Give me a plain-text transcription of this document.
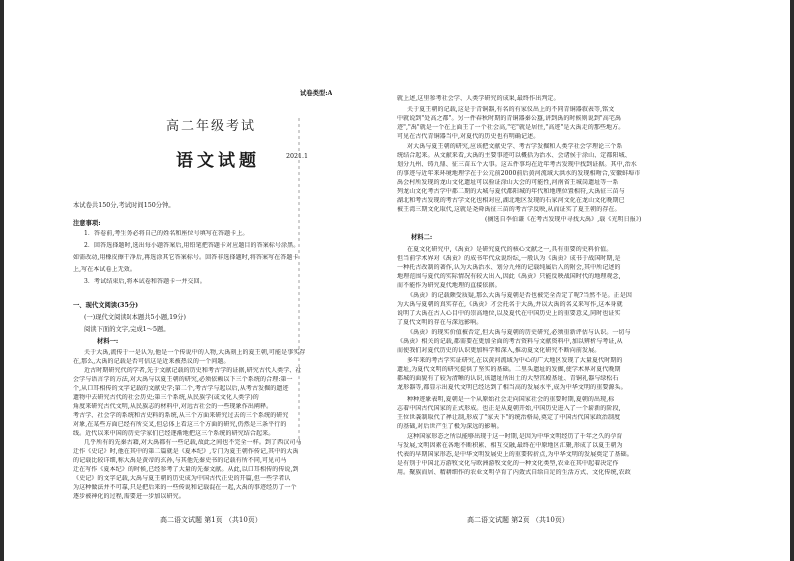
试卷类型:A
高二年级考试
语文试题	2021.1
本试卷共150分,考试时间150分钟。
注意事项:
1．答卷前,考生务必将自己的姓名和座位号填写在答题卡上。
2．回答选择题时,选出每小题答案后,用铅笔把答题卡对应题目的答案标号涂黑。
如需改动,用橡皮擦干净后,再选涂其它答案标号。回答非选择题时,将答案写在答题卡
上,写在本试卷上无效。
3．考试结束后,将本试卷和答题卡一并交回。
一、现代文阅读(35分)
(一)现代文阅读Ⅰ(本题共5小题,19分)
阅读下面的文字,完成1～5题。
材料一:
关于大禹,流传于一是认为,他是一个传说中的人物,大禹刻上的夏王朝,可能是事实存
在,那么,大禹的记载是否可信这是近来被热议的一个问题。
近古时期研究代的学者,先于文献记载的历史和考古学的证据,研究古代人类学、社
会学与语言学的方法,对大禹与以夏王朝的研究,必须依赖以下三个系统的合理:第一
个,从口耳相传的文字记载的文献史学;第二个,考古学与起以后,从考古发掘的遗迹
遗物中去研究古代的社会历史;第三个系统,从民族学(或文化人类学)的
角度来研究古代文明,从民族志的材料中,对远古社会的一些现象作出阐释。
考古学、社会学的系统和古史料的系统,从三个方面来研究过去的三个系统的研究
对象,在某些方面已经有所交叉,但总体上看这三个方面的研究,仍然是三条平行的
线。近代以来中国的历史学家们已经逐渐地把这三个系统的研究结合起来。
几乎所有的先秦古籍,对大禹都有一些记载,故此之间也不完全一样。到了西汉司马
迁作《史记》时,他在其中的第二篇就是《夏本纪》,专门为夏王朝作传记,其中的大禹
的记载比较详细,称大禹是黄帝的玄孙,与其他先秦史书的记载有所不同,可见司马
迁在写作《夏本纪》的时候,已经参考了大量的先秦文献。从此,以口耳相传的传说,到
《史记》的文字记载,大禹与夏王朝的历史成为中国古代正史的开篇,但一些学者认
为这种做法并不可靠,只是把后来的一些传说和记载混在一起,大禹的事迹经历了一个
逐步被神化的过程,需要进一步加以研究。
高二语文试题 第1页 （共10页）
就上述,这里参考社会学、人类学研究的成果,最终作出判定。
关于夏王朝的记载,这是于青铜器,有名的有家仪出上的不同青铜器叙表等,铭文
中就说到"处高之都"。另一件春秋时期的青铜器秦公簋,讲到禹的时候则说到"高宅禹
迹","禹"就是一个在上面王了一个社会高,"宅"就是居住,"高迹"是大禹走的那些地方。
可见在古代青铜器当中,对夏代的历史也有明确记述。
对大禹与夏王朝的研究,应该把文献史学、考古学发掘和人类学社会学理论三个系
统结合起来。从文献来看,大禹的主要事迹可以概括为治水、会诸侯于涂山、定都阳城、
划分九州、铸九鼎、征三苗五个大事。这五件事均在近年考古发现中找到证据。其中,治水
的事迹与近年来环境地理学在于公元前2000前后黄河流域大洪水的发现相吻合,安徽蚌埠市
禹会村所发现的龙山文化遗址可以验证涂山大会的可能性,河南省王城岗遗址等一系
列龙山文化考古学中都二期的大城与夏代都阳城的年代和地理位置相符,大禹征三苗与
湖北和考古发现的考古学文化也相对应,湖北地区发现的石家河文化在龙山文化晚期已
被王湾三期文化取代,这就是尧舜禹征三苗的考古学反映,从而证实了夏王朝的存在。
(摘选自李伯谦《在考古发现中寻找大禹》,载《光明日报》)
材料二:
在夏文化研究中,《禹贡》是研究夏代的核心文献之一,具有重要的史料价值。
但当前学术界对《禹贡》的成书年代众说纷纭,一般认为《禹贡》成书于战国时期,是
一种托古改制的著作,认为大禹治水、划分九州的记载纯属后人的附会,其中所记述的
地理范围与夏代的实际情况有较大出入,因此《禹贡》只能反映战国时代的地理观念,
而不能作为研究夏代地理的直接依据。
《禹贡》的记载颇受质疑,那么大禹与夏朝是否也被完全否定了呢?当然不是。正是因
为大禹与夏朝的真实存在,《禹贡》才会托名于大禹,并以大禹的名义来写作,这本身就
说明了大禹在古人心目中的崇高地位,以及夏代在中国历史上的重要意义,同时也证实
了夏代文明的存在与深远影响。
《禹贡》的现实价值被否定,但大禹与夏朝的历史研究,必须重新评估与认识。一切与
《禹贡》相关的记载,都需要在更加全面的考古资料与文献资料中,加以辨析与考证,从
而使我们对夏代历史的认识更加科学和深入,推动夏文化研究不断向前发展。
多年来的考古学实证研究,在以黄河流域为中心的广大地区发现了大量夏代时期的
遗址,为夏代文明的研究提供了坚实的基础。二里头遗址的发掘,使学术界对夏代晚期
都城的面貌有了较为清晰的认识,该遗址所出土的大型宫殿基址、青铜礼器与绿松石
龙形器等,都显示出夏代文明已经达到了相当高的发展水平,成为中华文明的重要源头。
种种迹象表明,夏朝是一个从原始社会走向国家社会的重要时期,夏朝的出现,标
志着中国古代国家的正式形成。也正是从夏朝开始,中国历史进入了一个崭新的阶段,
王位世袭制取代了禅让制,形成了"家天下"的统治格局,奠定了中国古代国家政治制度
的基础,对后世产生了极为深远的影响。
这种国家形态之所以能够出现于这一时期,是因为中华文明经历了千年之久的孕育
与发展,文明因素在各地不断积累、相互交融,最终在中原地区汇聚,形成了以夏王朝为
代表的早期国家形态,是中华文明发展史上的重要转折点,为中华文明的发展奠定了基础。
是有别于中国北方游牧文化与欧洲游牧文化的一种文化类型,农业在其中起着决定作
用。聚族而居、精耕细作的农业文明孕育了内敛式自给自足的生活方式、文化传统,农政
高二语文试题 第2页 （共10页）
